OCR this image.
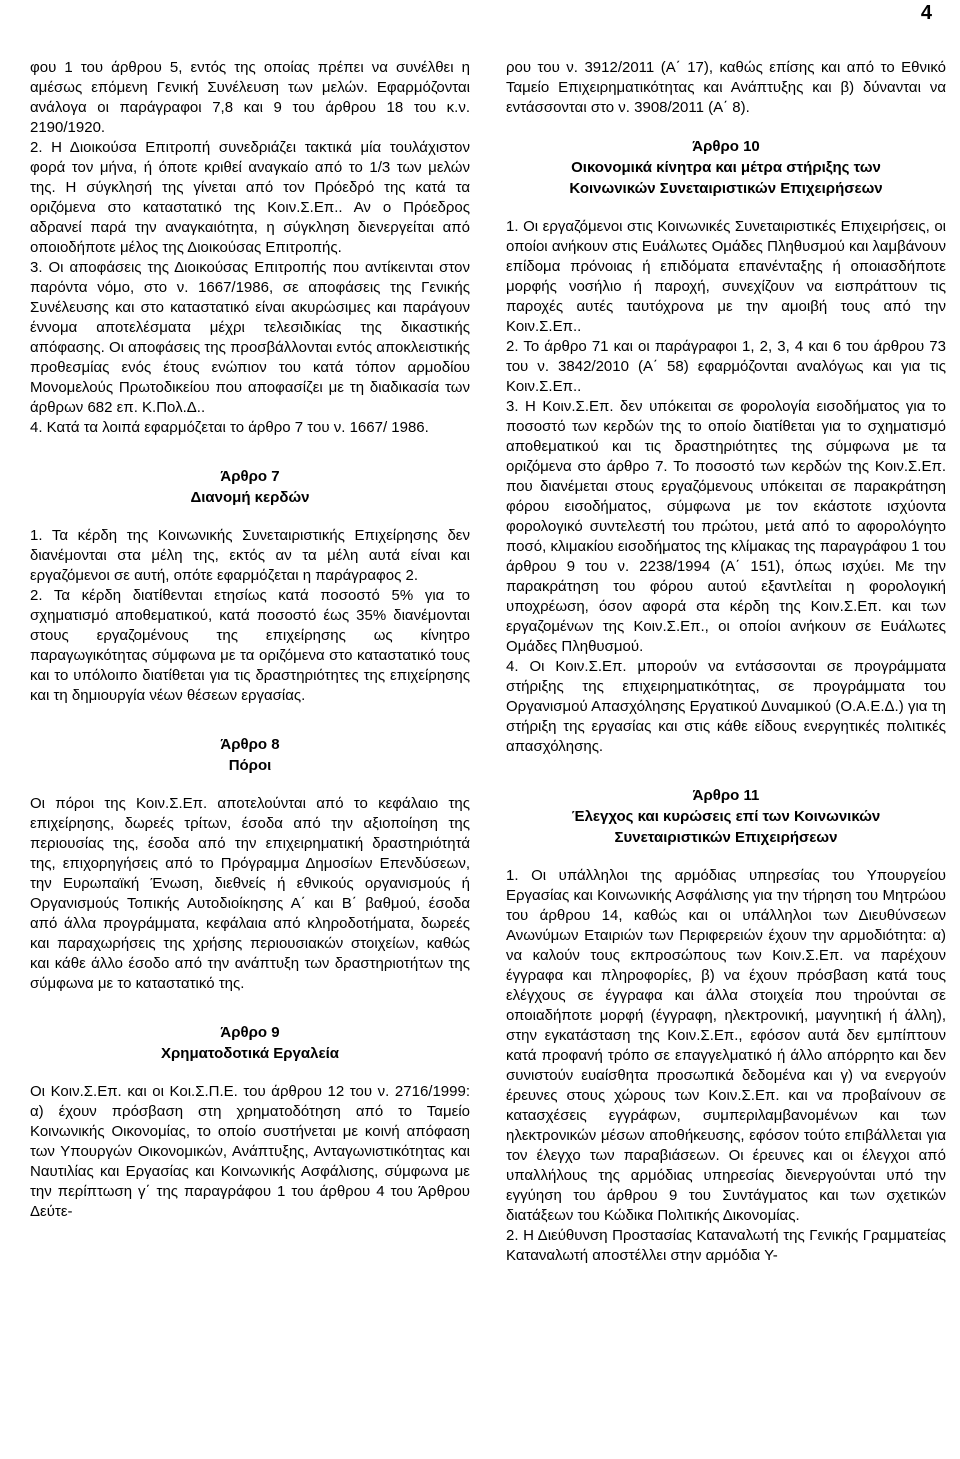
4

φου 1 του άρθρου 5, εντός της οποίας πρέπει να συνέλθει η αμέσως επόμενη Γενική Συνέλευση των μελών. Εφαρμόζονται ανάλογα οι παράγραφοι 7,8 και 9 του άρθρου 18 του κ.ν. 2190/1920.

2. Η Διοικούσα Επιτροπή συνεδριάζει τακτικά μία τουλάχιστον φορά τον μήνα, ή όποτε κριθεί αναγκαίο από το 1/3 των μελών της. Η σύγκλησή της γίνεται από τον Πρόεδρό της κατά τα οριζόμενα στο καταστατικό της Κοιν.Σ.Επ.. Αν ο Πρόεδρος αδρανεί παρά την αναγκαιότητα, η σύγκληση διενεργείται από οποιοδήποτε μέλος της Διοικούσας Επιτροπής.

3. Οι αποφάσεις της Διοικούσας Επιτροπής που αντίκεινται στον παρόντα νόμο, στο ν. 1667/1986, σε αποφάσεις της Γενικής Συνέλευσης και στο καταστατικό είναι ακυρώσιμες και παράγουν έννομα αποτελέσματα μέχρι τελεσιδικίας της δικαστικής απόφασης. Οι αποφάσεις της προσβάλλονται εντός αποκλειστικής προθεσμίας ενός έτους ενώπιον του κατά τόπον αρμοδίου Μονομελούς Πρωτοδικείου που αποφασίζει με τη διαδικασία των άρθρων 682 επ. Κ.Πολ.Δ..

4. Κατά τα λοιπά εφαρμόζεται το άρθρο 7 του ν. 1667/ 1986.

Άρθρο 7
Διανομή κερδών

1. Τα κέρδη της Κοινωνικής Συνεταιριστικής Επιχείρησης δεν διανέμονται στα μέλη της, εκτός αν τα μέλη αυτά είναι και εργαζόμενοι σε αυτή, οπότε εφαρμόζεται η παράγραφος 2.

2. Τα κέρδη διατίθενται ετησίως κατά ποσοστό 5% για το σχηματισμό αποθεματικού, κατά ποσοστό έως 35% διανέμονται στους εργαζομένους της επιχείρησης ως κίνητρο παραγωγικότητας σύμφωνα με τα οριζόμενα στο καταστατικό τους και το υπόλοιπο διατίθεται για τις δραστηριότητες της επιχείρησης και τη δημιουργία νέων θέσεων εργασίας.

Άρθρο 8
Πόροι

Οι πόροι της Κοιν.Σ.Επ. αποτελούνται από το κεφάλαιο της επιχείρησης, δωρεές τρίτων, έσοδα από την αξιοποίηση της περιουσίας της, έσοδα από την επιχειρηματική δραστηριότητά της, επιχορηγήσεις από το Πρόγραμμα Δημοσίων Επενδύσεων, την Ευρωπαϊκή Ένωση, διεθνείς ή εθνικούς οργανισμούς ή Οργανισμούς Τοπικής Αυτοδιοίκησης Α΄ και Β΄ βαθμού, έσοδα από άλλα προγράμματα, κεφάλαια από κληροδοτήματα, δωρεές και παραχωρήσεις της χρήσης περιουσιακών στοιχείων, καθώς και κάθε άλλο έσοδο από την ανάπτυξη των δραστηριοτήτων της σύμφωνα με το καταστατικό της.

Άρθρο 9
Χρηματοδοτικά Εργαλεία

Οι Κοιν.Σ.Επ. και οι Κοι.Σ.Π.Ε. του άρθρου 12 του ν. 2716/1999: α) έχουν πρόσβαση στη χρηματοδότηση από το Ταμείο Κοινωνικής Οικονομίας, το οποίο συστήνεται με κοινή απόφαση των Υπουργών Οικονομικών, Ανάπτυξης, Ανταγωνιστικότητας και Ναυτιλίας και Εργασίας και Κοινωνικής Ασφάλισης, σύμφωνα με την περίπτωση γ΄ της παραγράφου 1 του άρθρου 4 του Άρθρου Δεύτε-

ρου του ν. 3912/2011 (Α΄ 17), καθώς επίσης και από το Εθνικό Ταμείο Επιχειρηματικότητας και Ανάπτυξης και β) δύνανται να εντάσσονται στο ν. 3908/2011 (Α΄ 8).

Άρθρο 10
Οικονομικά κίνητρα και μέτρα στήριξης των
Κοινωνικών Συνεταιριστικών Επιχειρήσεων

1. Οι εργαζόμενοι στις Κοινωνικές Συνεταιριστικές Επιχειρήσεις, οι οποίοι ανήκουν στις Ευάλωτες Ομάδες Πληθυσμού και λαμβάνουν επίδομα πρόνοιας ή επιδόματα επανένταξης ή οποιασδήποτε μορφής νοσήλιο ή παροχή, συνεχίζουν να εισπράττουν τις παροχές αυτές ταυτόχρονα με την αμοιβή τους από την Κοιν.Σ.Επ..

2. Το άρθρο 71 και οι παράγραφοι 1, 2, 3, 4 και 6 του άρθρου 73 του ν. 3842/2010 (Α΄ 58) εφαρμόζονται αναλόγως και για τις Κοιν.Σ.Επ..

3. Η Κοιν.Σ.Επ. δεν υπόκειται σε φορολογία εισοδήματος για το ποσοστό των κερδών της το οποίο διατίθεται για το σχηματισμό αποθεματικού και τις δραστηριότητες της σύμφωνα με τα οριζόμενα στο άρθρο 7. Το ποσοστό των κερδών της Κοιν.Σ.Επ. που διανέμεται στους εργαζόμενους υπόκειται σε παρακράτηση φόρου εισοδήματος, σύμφωνα με τον εκάστοτε ισχύοντα φορολογικό συντελεστή του πρώτου, μετά από το αφορολόγητο ποσό, κλιμακίου εισοδήματος της κλίμακας της παραγράφου 1 του άρθρου 9 του ν. 2238/1994 (Α΄ 151), όπως ισχύει. Με την παρακράτηση του φόρου αυτού εξαντλείται η φορολογική υποχρέωση, όσον αφορά στα κέρδη της Κοιν.Σ.Επ. και των εργαζομένων της Κοιν.Σ.Επ., οι οποίοι ανήκουν σε Ευάλωτες Ομάδες Πληθυσμού.

4. Οι Κοιν.Σ.Επ. μπορούν να εντάσσονται σε προγράμματα στήριξης της επιχειρηματικότητας, σε προγράμματα του Οργανισμού Απασχόλησης Εργατικού Δυναμικού (Ο.Α.Ε.Δ.) για τη στήριξη της εργασίας και στις κάθε είδους ενεργητικές πολιτικές απασχόλησης.

Άρθρο 11
Έλεγχος και κυρώσεις επί των Κοινωνικών
Συνεταιριστικών Επιχειρήσεων

1. Οι υπάλληλοι της αρμόδιας υπηρεσίας του Υπουργείου Εργασίας και Κοινωνικής Ασφάλισης για την τήρηση του Μητρώου του άρθρου 14, καθώς και οι υπάλληλοι των Διευθύνσεων Ανωνύμων Εταιριών των Περιφερειών έχουν την αρμοδιότητα: α) να καλούν τους εκπροσώπους των Κοιν.Σ.Επ. να παρέχουν έγγραφα και πληροφορίες, β) να έχουν πρόσβαση κατά τους ελέγχους σε έγγραφα και άλλα στοιχεία που τηρούνται σε οποιαδήποτε μορφή (έγγραφη, ηλεκτρονική, μαγνητική ή άλλη), στην εγκατάσταση της Κοιν.Σ.Επ., εφόσον αυτά δεν εμπίπτουν κατά προφανή τρόπο σε επαγγελματικό ή άλλο απόρρητο και δεν συνιστούν ευαίσθητα προσωπικά δεδομένα και γ) να ενεργούν έρευνες στους χώρους των Κοιν.Σ.Επ. και να προβαίνουν σε κατασχέσεις εγγράφων, συμπεριλαμβανομένων και των ηλεκτρονικών μέσων αποθήκευσης, εφόσον τούτο επιβάλλεται για τον έλεγχο των παραβιάσεων. Οι έρευνες και οι έλεγχοι από υπαλλήλους της αρμόδιας υπηρεσίας διενεργούνται υπό την εγγύηση του άρθρου 9 του Συντάγματος και των σχετικών διατάξεων του Κώδικα Πολιτικής Δικονομίας.

2. Η Διεύθυνση Προστασίας Καταναλωτή της Γενικής Γραμματείας Καταναλωτή αποστέλλει στην αρμόδια Υ-
